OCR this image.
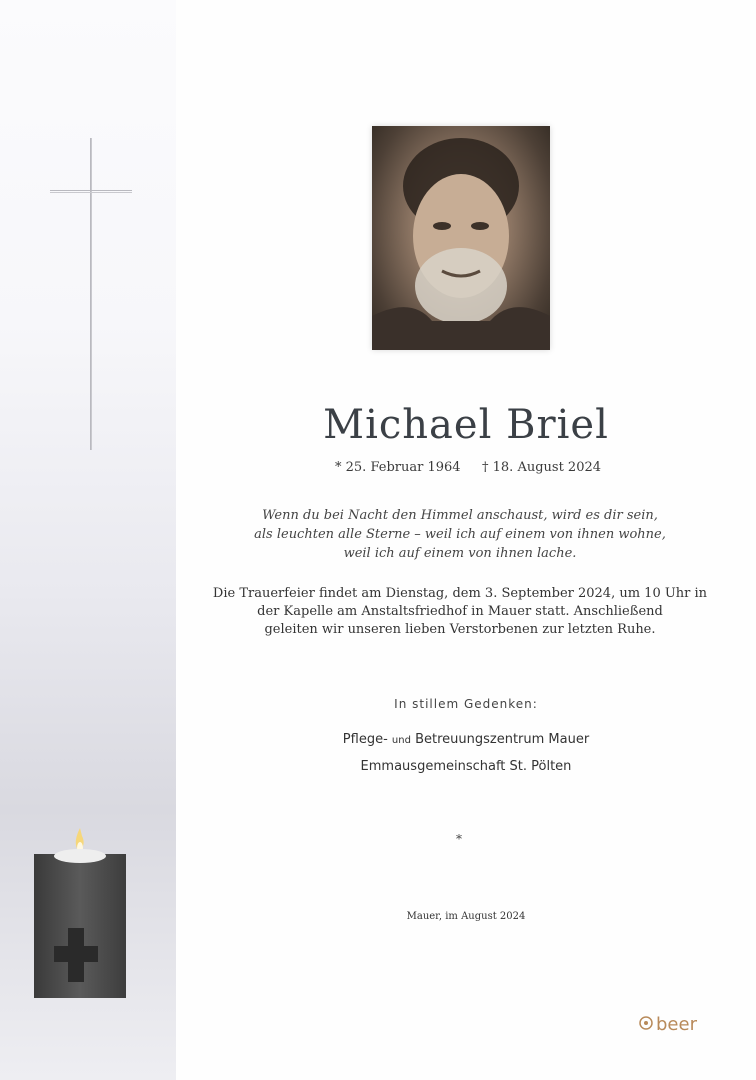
Michael Briel
* 25. Februar 1964 † 18. August 2024
Wenn du bei Nacht den Himmel anschaust, wird es dir sein,
als leuchten alle Sterne – weil ich auf einem von ihnen wohne,
weil ich auf einem von ihnen lache.
Die Trauerfeier findet am Dienstag, dem 3. September 2024, um 10 Uhr in
der Kapelle am Anstaltsfriedhof in Mauer statt. Anschließend
geleiten wir unseren lieben Verstorbenen zur letzten Ruhe.
In stillem Gedenken:
Pflege- und Betreuungszentrum Mauer
Emmausgemeinschaft St. Pölten
*
Mauer, im August 2024
beer
